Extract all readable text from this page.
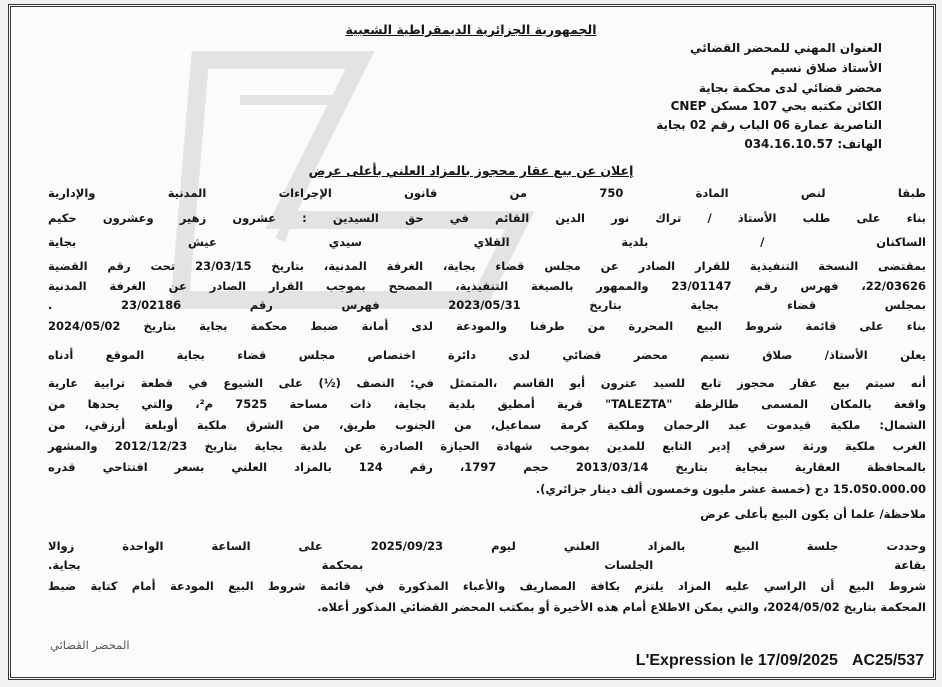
الجمهورية الجزائرية الديمقراطية الشعبية
العنوان المهني للمحضر القضائي
الأستاذ صلاق نسيم
محضر قضائي لدى محكمة بجاية
الكائن مكتبه بحي 107 مسكن CNEP
الناصرية عمارة 06 الباب رقم 02 بجاية
الهاتف: 034.16.10.57
إعلان عن بيع عقار محجوز بالمزاد العلني بأعلى عرض
طبقا لنص المادة 750 من قانون الإجراءات المدنية والإدارية
بناء على طلب الأستاذ / تراك نور الدين القائم في حق السيدين : عشرون زهير وعشرون حكيم
الساكنان / بلدية القلاي سيدي عيش بجاية
بمقتضى النسخة التنفيذية للقرار الصادر عن مجلس قضاء بجاية، الغرفة المدنية، بتاريخ 23/03/15 تحت رقم القضية
22/03626، فهرس رقم 23/01147 والممهور بالصيغة التنفيذية، المصحح بموجب القرار الصادر عن الغرفة المدنية
بمجلس قضاء بجاية بتاريخ 2023/05/31 فهرس رقم 23/02186 .
بناء على قائمة شروط البيع المحررة من طرفنا والمودعة لدى أمانة ضبط محكمة بجاية بتاريخ 2024/05/02
يعلن الأستاذ/ صلاق نسيم محضر قضائي لدى دائرة اختصاص مجلس قضاء بجاية الموقع أدناه
أنه سيتم بيع عقار محجوز تابع للسيد عترون أبو القاسم ،المتمثل في: النصف (½) على الشيوع في قطعة ترابية عارية
واقعة بالمكان المسمى طالزطة "TALEZTA" قرية أمطيق بلدية بجاية، ذات مساحة 7525 م²، والتي يحدها من
الشمال: ملكية قيدموت عبد الرحمان وملكية كرمة سماعيل، من الجنوب طريق، من الشرق ملكية أوبلعة أرزقي، من
الغرب ملكية ورثة سرقي إدير التابع للمدين بموجب شهادة الحيازة الصادرة عن بلدية بجاية بتاريخ 2012/12/23 والمشهر
بالمحافظة العقارية ببجاية بتاريخ 2013/03/14 حجم 1797، رقم 124 بالمزاد العلني بسعر افتتاحي قدره
15.050.000.00 دج (خمسة عشر مليون وخمسون ألف دينار جزائري).
ملاحظة/ علما أن يكون البيع بأعلى عرض
وحددت جلسة البيع بالمزاد العلني ليوم 2025/09/23 على الساعة الواحدة زوالا
بقاعة الجلسات بمحكمة بجاية.
شروط البيع أن الراسي عليه المزاد يلتزم بكافة المصاريف والأعباء المذكورة في قائمة شروط البيع المودعة أمام كتابة ضبط
المحكمة بتاريخ 2024/05/02، والتي يمكن الاطلاع أمام هذه الأخيرة أو بمكتب المحضر القضائي المذكور أعلاه.
المحضر القضائي
L'Expression le 17/09/2025 AC25/537
